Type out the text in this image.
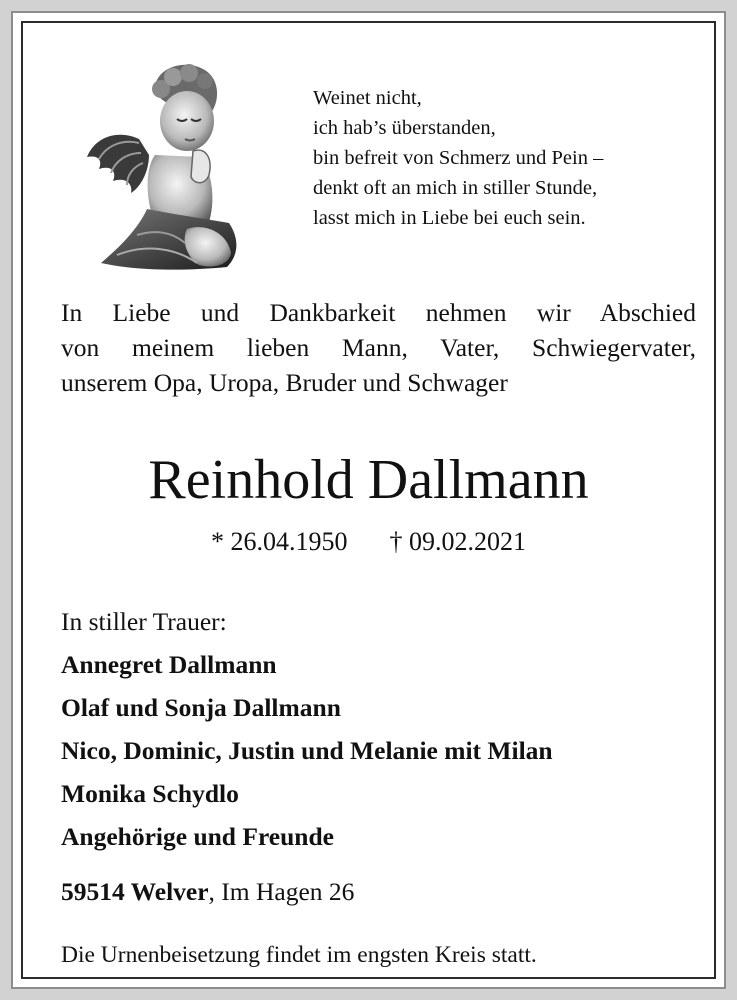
Weinet nicht,
ich hab’s überstanden,
bin befreit von Schmerz und Pein –
denkt oft an mich in stiller Stunde,
lasst mich in Liebe bei euch sein.
In Liebe und Dankbarkeit nehmen wir Abschied
von meinem lieben Mann, Vater, Schwiegervater,
unserem Opa, Uropa, Bruder und Schwager
Reinhold Dallmann
* 26.04.1950 † 09.02.2021
In stiller Trauer:
Annegret Dallmann
Olaf und Sonja Dallmann
Nico, Dominic, Justin und Melanie mit Milan
Monika Schydlo
Angehörige und Freunde
59514 Welver, Im Hagen 26
Die Urnenbeisetzung findet im engsten Kreis statt.
